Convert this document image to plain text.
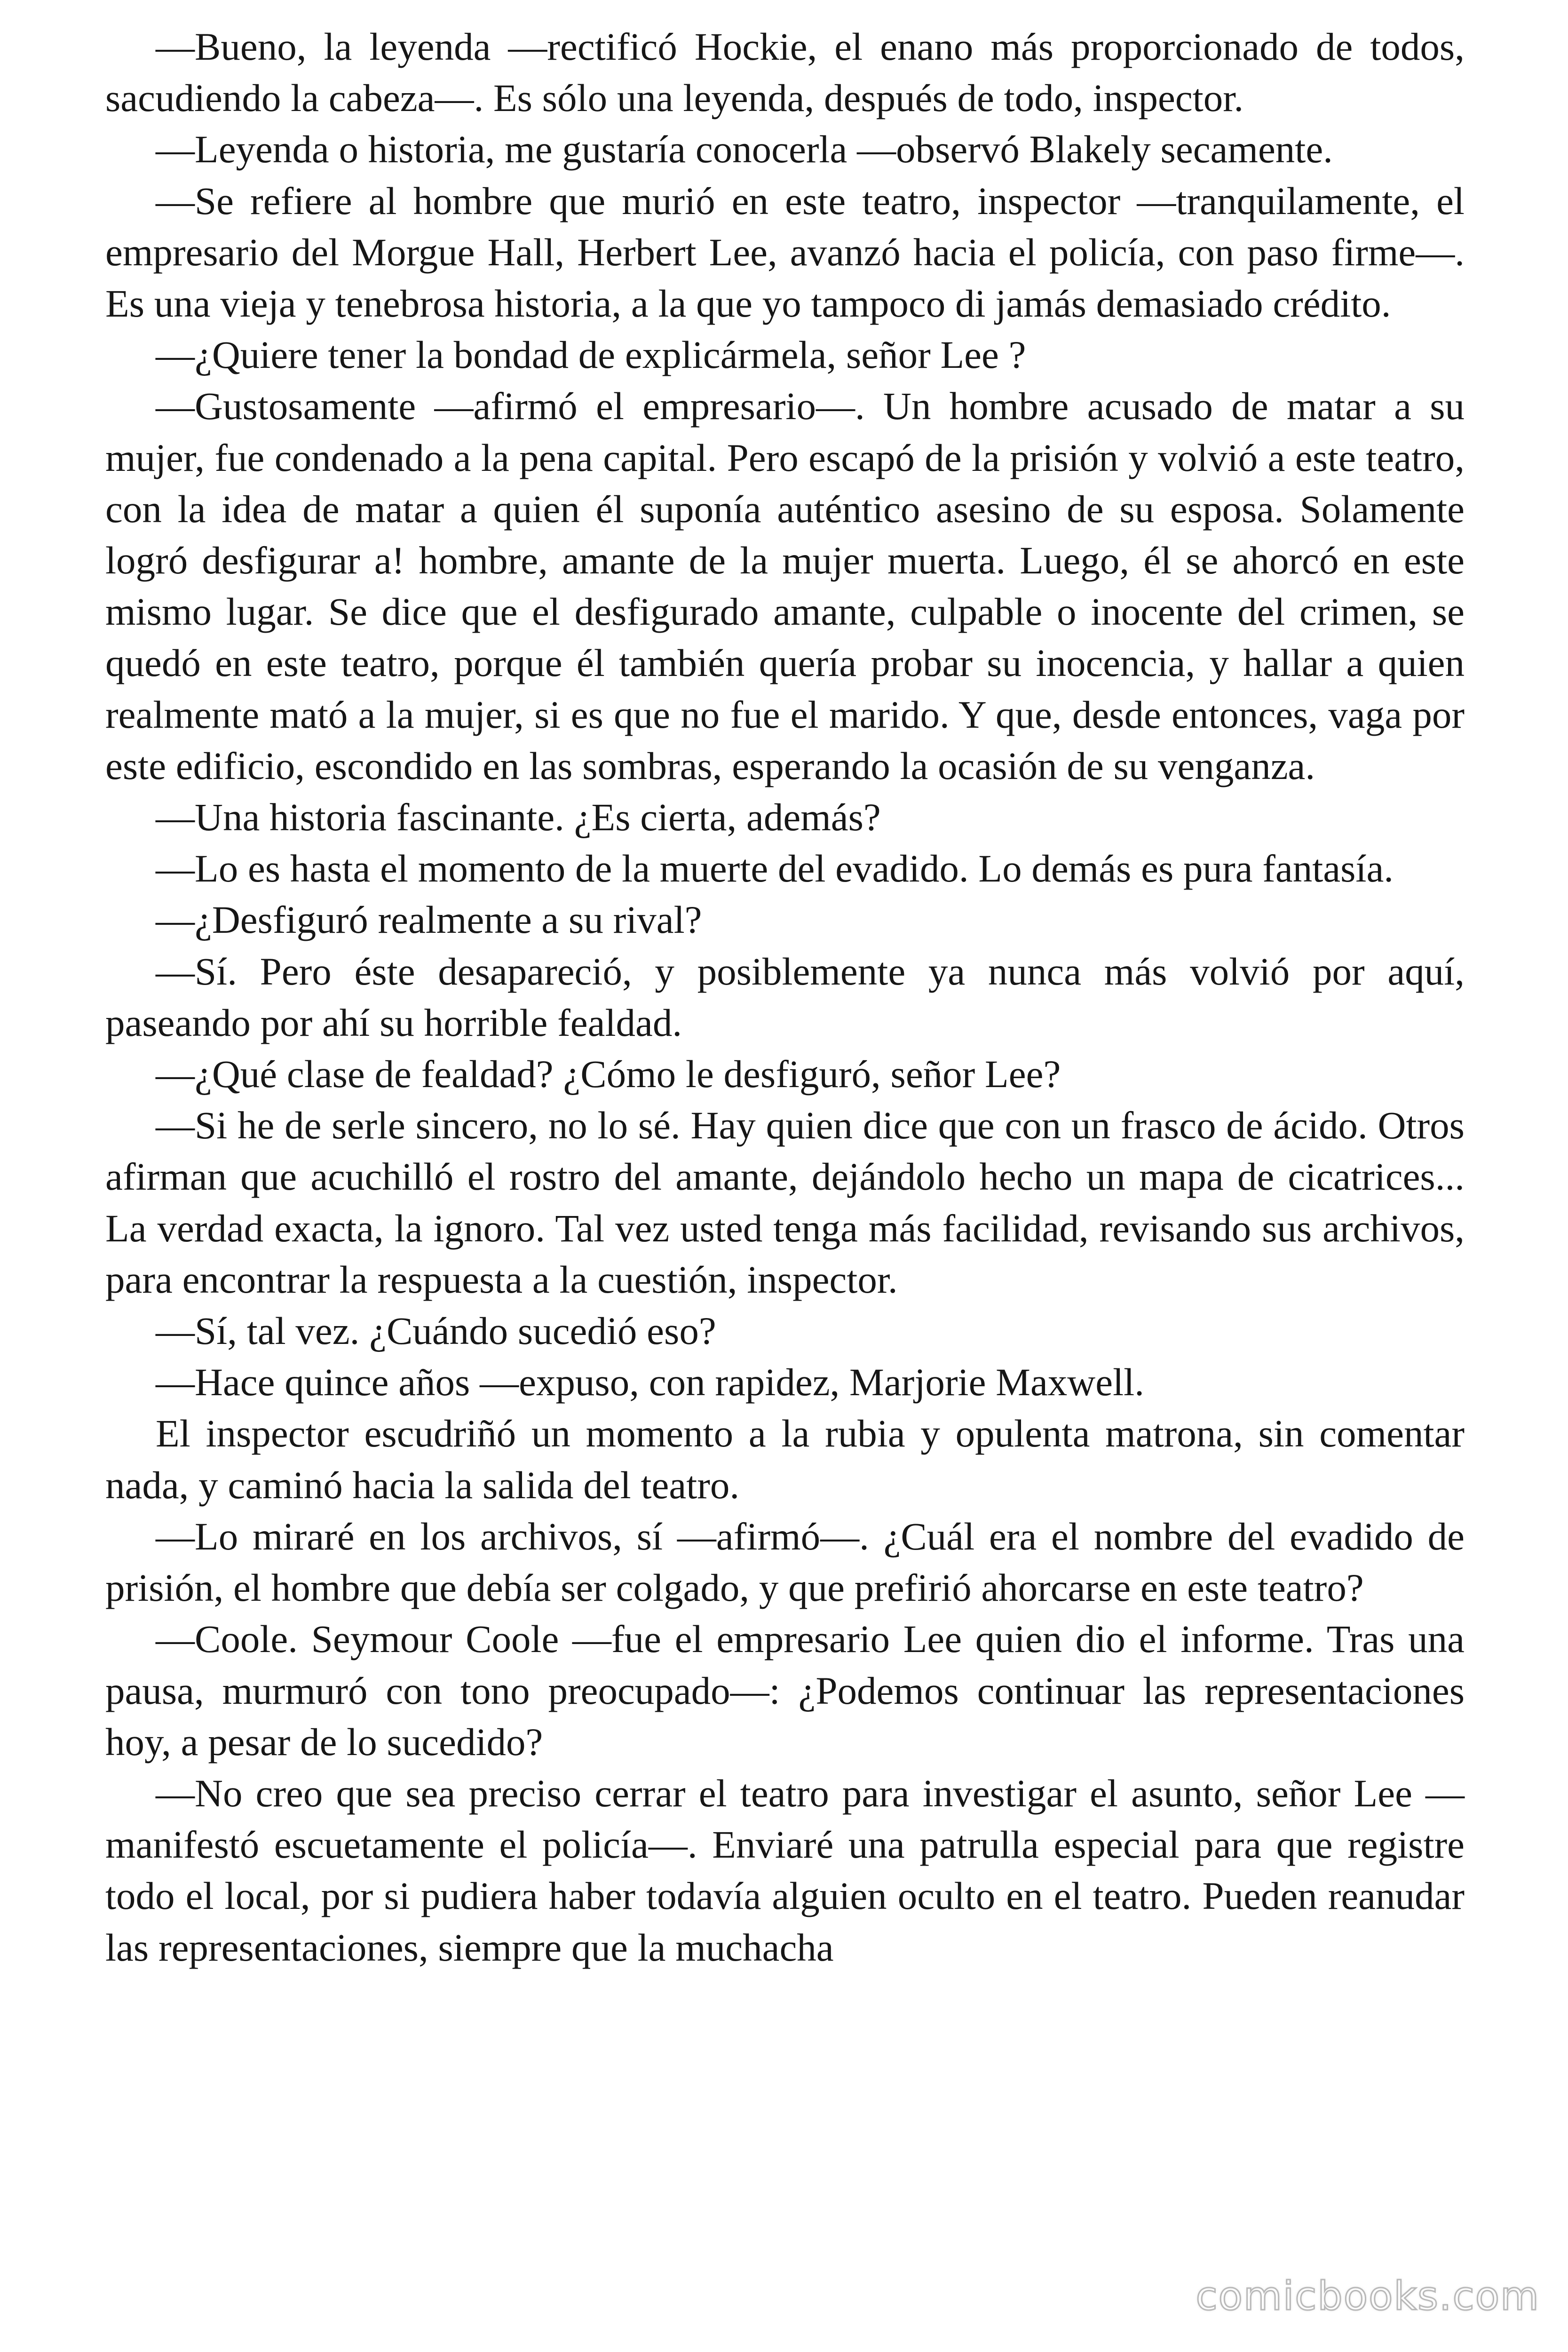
—Bueno, la leyenda —rectificó Hockie, el enano más proporcionado de todos, sacudiendo la cabeza—. Es sólo una leyenda, después de todo, inspector.

—Leyenda o historia, me gustaría conocerla —observó Blakely secamente.

—Se refiere al hombre que murió en este teatro, inspector —tranquilamente, el empresario del Morgue Hall, Herbert Lee, avanzó hacia el policía, con paso firme—. Es una vieja y tenebrosa historia, a la que yo tampoco di jamás demasiado crédito.

—¿Quiere tener la bondad de explicármela, señor Lee ?

—Gustosamente —afirmó el empresario—. Un hombre acusado de matar a su mujer, fue condenado a la pena capital. Pero escapó de la prisión y volvió a este teatro, con la idea de matar a quien él suponía auténtico asesino de su esposa. Solamente logró desfigurar a! hombre, amante de la mujer muerta. Luego, él se ahorcó en este mismo lugar. Se dice que el desfigurado amante, culpable o inocente del crimen, se quedó en este teatro, porque él también quería probar su inocencia, y hallar a quien realmente mató a la mujer, si es que no fue el marido. Y que, desde entonces, vaga por este edificio, escondido en las sombras, esperando la ocasión de su venganza.

—Una historia fascinante. ¿Es cierta, además?

—Lo es hasta el momento de la muerte del evadido. Lo demás es pura fantasía.

—¿Desfiguró realmente a su rival?

—Sí. Pero éste desapareció, y posiblemente ya nunca más volvió por aquí, paseando por ahí su horrible fealdad.

—¿Qué clase de fealdad? ¿Cómo le desfiguró, señor Lee?

—Si he de serle sincero, no lo sé. Hay quien dice que con un frasco de ácido. Otros afirman que acuchilló el rostro del amante, dejándolo hecho un mapa de cicatrices... La verdad exacta, la ignoro. Tal vez usted tenga más facilidad, revisando sus archivos, para encontrar la respuesta a la cuestión, inspector.

—Sí, tal vez. ¿Cuándo sucedió eso?

—Hace quince años —expuso, con rapidez, Marjorie Maxwell.

El inspector escudriñó un momento a la rubia y opulenta matrona, sin comentar nada, y caminó hacia la salida del teatro.

—Lo miraré en los archivos, sí —afirmó—. ¿Cuál era el nombre del evadido de prisión, el hombre que debía ser colgado, y que prefirió ahorcarse en este teatro?

—Coole. Seymour Coole —fue el empresario Lee quien dio el informe. Tras una pausa, murmuró con tono preocupado—: ¿Podemos continuar las representaciones hoy, a pesar de lo sucedido?

—No creo que sea preciso cerrar el teatro para investigar el asunto, señor Lee —manifestó escuetamente el policía—. Enviaré una patrulla especial para que registre todo el local, por si pudiera haber todavía alguien oculto en el teatro. Pueden reanudar las representaciones, siempre que la muchacha

comicbooks.com
